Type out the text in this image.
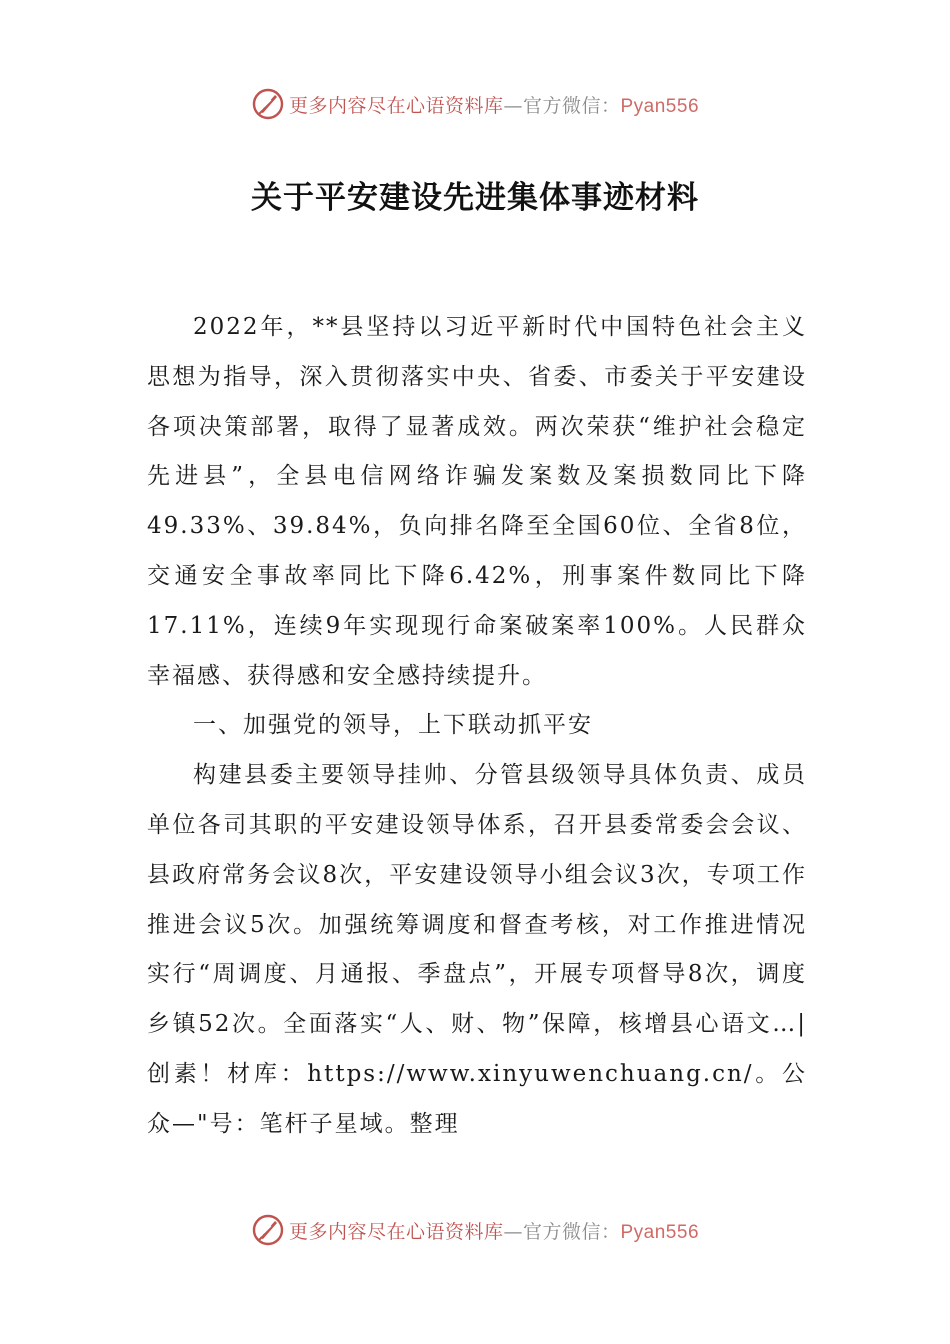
更多内容尽在心语资料库—官方微信：Pyan556
关于平安建设先进集体事迹材料

2022年，**县坚持以习近平新时代中国特色社会主义思想为指导，深入贯彻落实中央、省委、市委关于平安建设各项决策部署，取得了显著成效。两次荣获“维护社会稳定先进县”，全县电信网络诈骗发案数及案损数同比下降49.33%、39.84%，负向排名降至全国60位、全省8位，交通安全事故率同比下降6.42%，刑事案件数同比下降17.11%，连续9年实现现行命案破案率100%。人民群众幸福感、获得感和安全感持续提升。

一、加强党的领导，上下联动抓平安

构建县委主要领导挂帅、分管县级领导具体负责、成员单位各司其职的平安建设领导体系，召开县委常委会会议、县政府常务会议8次，平安建设领导小组会议3次，专项工作推进会议5次。加强统筹调度和督查考核，对工作推进情况实行“周调度、月通报、季盘点”，开展专项督导8次，调度乡镇52次。全面落实“人、财、物”保障，核增县心语文…|创素！材库：https://www.xinyuwenchuang.cn/。公众—"号：笔杆子星域。整理

更多内容尽在心语资料库—官方微信：Pyan556
